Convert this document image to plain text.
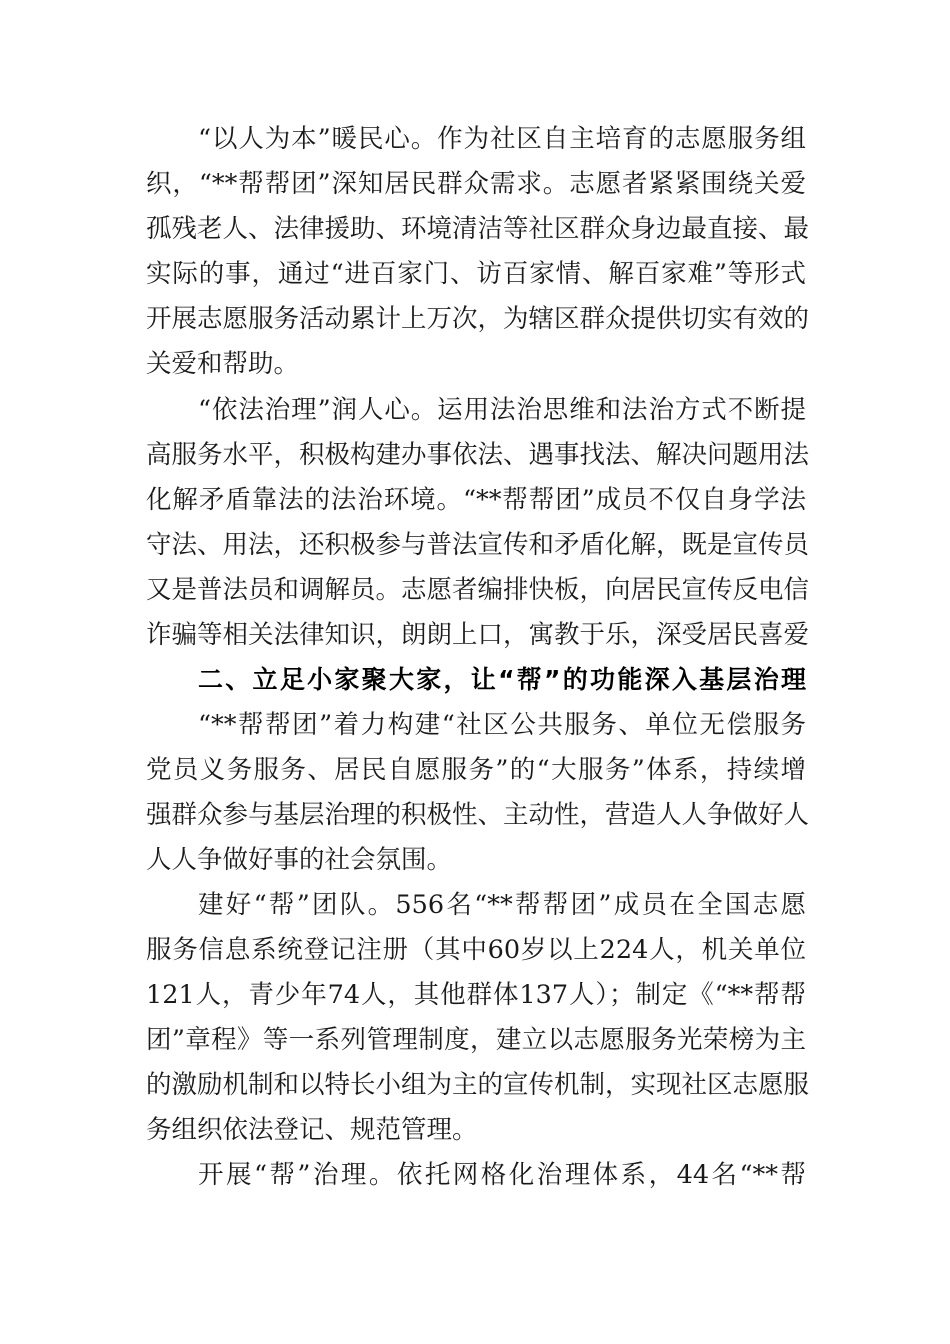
“以人为本”暖民心。作为社区自主培育的志愿服务组
织，“**帮帮团”深知居民群众需求。志愿者紧紧围绕关爱
孤残老人、法律援助、环境清洁等社区群众身边最直接、最
实际的事，通过“进百家门、访百家情、解百家难”等形式
开展志愿服务活动累计上万次，为辖区群众提供切实有效的
关爱和帮助。
“依法治理”润人心。运用法治思维和法治方式不断提
高服务水平，积极构建办事依法、遇事找法、解决问题用法
化解矛盾靠法的法治环境。“**帮帮团”成员不仅自身学法
守法、用法，还积极参与普法宣传和矛盾化解，既是宣传员
又是普法员和调解员。志愿者编排快板，向居民宣传反电信
诈骗等相关法律知识，朗朗上口，寓教于乐，深受居民喜爱
二、立足小家聚大家，让“帮”的功能深入基层治理
“**帮帮团”着力构建“社区公共服务、单位无偿服务
党员义务服务、居民自愿服务”的“大服务”体系，持续增
强群众参与基层治理的积极性、主动性，营造人人争做好人
人人争做好事的社会氛围。
建好“帮”团队。556名“**帮帮团”成员在全国志愿
服务信息系统登记注册（其中60岁以上224人，机关单位
121人，青少年74人，其他群体137人）；制定《“**帮帮
团”章程》等一系列管理制度，建立以志愿服务光荣榜为主
的激励机制和以特长小组为主的宣传机制，实现社区志愿服
务组织依法登记、规范管理。
开展“帮”治理。依托网格化治理体系，44名“**帮
